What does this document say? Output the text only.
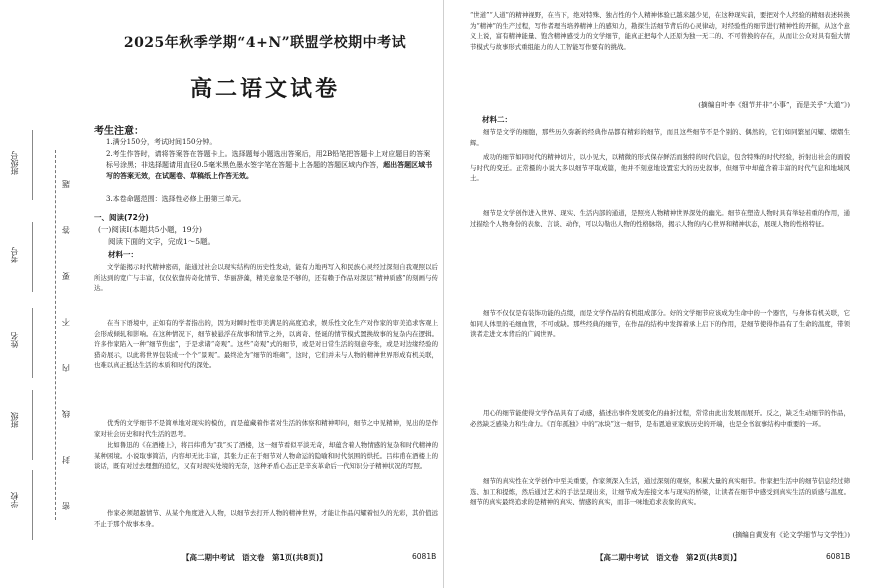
班级号
考号
姓名
班级
学校	密
封
线
内
不
要
答
题
2025年秋季学期“4+N”联盟学校期中考试
高二语文试卷
考生注意：
1.满分150分，考试时间150分钟。
2.考生作答时，请将答案答在答题卡上。选择题每小题选出答案后，用2B铅笔把答题卡上对应题目的答案标号涂黑；非选择题请用直径0.5毫米黑色墨水签字笔在答题卡上各题的答题区域内作答，超出答题区域书写的答案无效，在试题卷、草稿纸上作答无效。
3.本卷命题范围：选择性必修上册第三单元。
一、阅读(72分)
(一)阅读Ⅰ(本题共5小题，19分)
阅读下面的文字，完成1～5题。
材料一：
文学能揭示时代精神密码，能通过社会以现实结构的历史性发动，能有力地再写入和民族心灵经过深刻自我观照以后所达到的宽广与丰富，仅仅依靠传奇化情节、华丽辞藻，精美意象是不够的，还有赖于作品对深层“精神质感”的刻画与传达。
在当下语境中，正如有的学者指出的，因为对瞬时性审美满足的高度追求，娱乐性文化生产对作家的审美追求客观上会形成倾轧和影响。在这种情况下，细节被悬浮在故事和情节之外，以离奇、怪诞的情节模式置换故事的复杂内在逻辑。许多作家陷入一种“细节焦虑”，于是求诸“奇观”。这些“奇观”式的细节，或是对日常生活的刻意夸张，或是对边缘经验的猎奇展示，以此将世界包装成一个个“景观”。最终沦为“细节的堆砌”，这时，它们并未与人物的精神世界形成有机关联，也难以真正抵达生活的本质和时代的深处。
优秀的文学细节不是简单地对现实的模仿，而是蕴藏着作者对生活的体察和精神叩问，细节之中见精神，见出的是作家对社会历史和时代生活的思考。
比如鲁迅的《在酒楼上》，将吕纬甫为“我”买了酒楼，这一细节看似平淡无奇，却蕴含着人物情感的复杂和时代精神的某种困境。小说取事简洁，内容却无比丰富，其张力正在于细节对人物命运的隐喻和时代氛围的烘托。吕纬甫在酒楼上的谈话，既有对过去理想的追忆，又有对现实处境的无奈，这种矛盾心态正是辛亥革命后一代知识分子精神状况的写照。
作家必须超越情节、从某个角度进入人物，以细节去打开人物的精神世界，才能让作品闪耀着恒久的光彩，其价值远不止于那个故事本身。
【高二期中考试　语文卷　第1页(共8页)】	6081B
“世道”“人道”的精神视野，在当下，绝对特殊、独占性的个人精神体验已越来越少见，在这种现实前，要把对个人经验的精细表述转换为“精神”的生产过程，写作者理当培养精神上的感知力，勘探生活细节背后的心灵律动，对经验性的细节进行精神性的开掘，从这个意义上说，富有精神能量、饱含精神感受力的文学细节，能真正把每个人还原为独一无二的、不可替换的存在，从而让公众对具有强大情节模式与故事形式重组能力的人工智能写作要有的挑战。
(摘编自叶李《细节并非“小事”，而是关乎“大道”》)
材料二：
细节是文学的细胞，那些历久弥新的经典作品都有精彩的细节，而且这些细节不是个别的、偶然的，它们如同繁星闪耀、熠熠生辉。
成功的细节如同时代的精神切片，以小见大，以精微的形式保存鲜活而独特的时代信息，包含特殊的时代经验，折射出社会的面貌与时代的变迁。正常摄的小说大多以细节平取成篇，他并不刻意地设置宏大的历史叙事，但细节中却蕴含着丰富的时代气息和地域风土。
细节是文学创作进入世界、现实、生活内部的通道，是照亮人物精神世界深处的幽光。细节在塑造人物时具有举轻若重的作用，通过描绘个人物身份的表象、言谈、动作，可以勾勒出人物的性格脉络，揭示人物的内心世界和精神状态，展现人物的性格特征。
细节不仅仅是有装饰功能的点缀，而是文学作品的有机组成部分。好的文学细节应该成为生命中的一个器官，与身体有机关联，它如同人体里的毛细血管，不可或缺。那些经典的细节，在作品的结构中发挥着承上启下的作用，是细节使得作品有了生命的温度，带领读者走进文本背后的广阔世界。
用心的细节能使得文学作品具有了动感，描述出事件发展变化的曲折过程，常常由此出发展而展开。反之，缺乏生动细节的作品，必然缺乏感染力和生命力。《百年孤独》中的“冰块”这一细节，是布恩迪亚家族历史的开端，也是全书叙事结构中重要的一环。
细节的真实性在文学创作中至关重要，作家须深入生活，通过深刻的观察，积累大量的真实细节。作家把生活中的细节信息经过筛选、加工和提炼，然后通过艺术的手法呈现出来，让细节成为连接文本与现实的桥梁，让读者在细节中感受到真实生活的质感与温度。细节的真实最终追求的是精神的真实、情感的真实，而非一味地追求表象的真实。
(摘编自黄发有《论文学细节与文学性》)
【高二期中考试　语文卷　第2页(共8页)】	6081B
